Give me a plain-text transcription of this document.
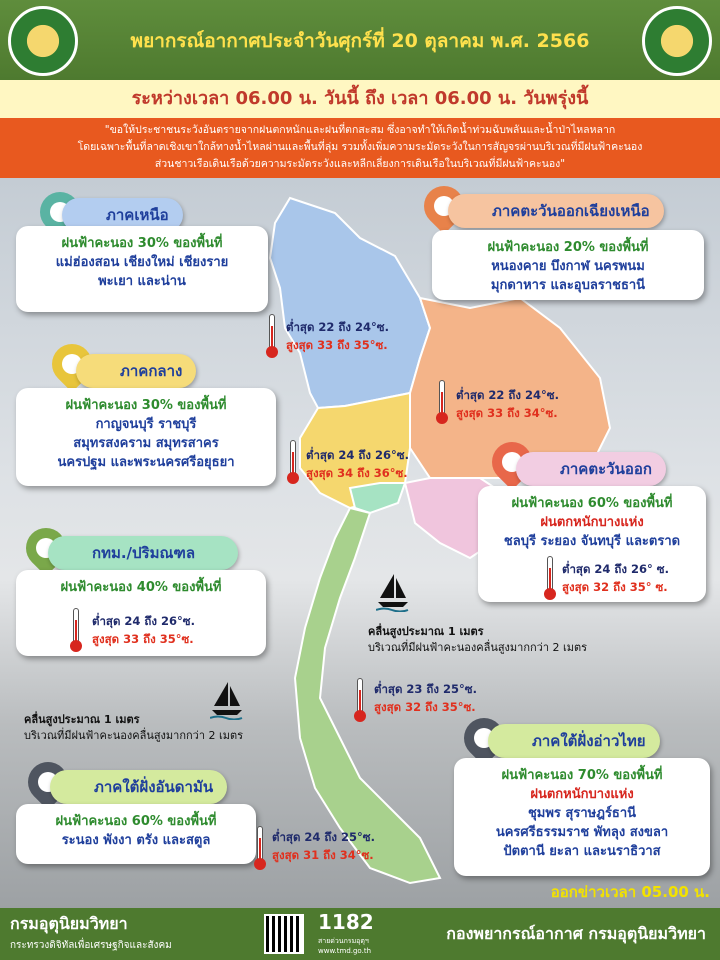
พยากรณ์อากาศประจำวันศุกร์ที่ 20 ตุลาคม พ.ศ. 2566
ระหว่างเวลา 06.00 น. วันนี้ ถึง เวลา 06.00 น. วันพรุ่งนี้
"ขอให้ประชาชนระวังอันตรายจากฝนตกหนักและฝนที่ตกสะสม ซึ่งอาจทำให้เกิดน้ำท่วมฉับพลันและน้ำป่าไหลหลาก
โดยเฉพาะพื้นที่ลาดเชิงเขาใกล้ทางน้ำไหลผ่านและพื้นที่ลุ่ม รวมทั้งเพิ่มความระมัดระวังในการสัญจรผ่านบริเวณที่มีฝนฟ้าคะนอง
ส่วนชาวเรือเดินเรือด้วยความระมัดระวังและหลีกเลี่ยงการเดินเรือในบริเวณที่มีฝนฟ้าคะนอง"
ภาคเหนือ
ฝนฟ้าคะนอง 30% ของพื้นที่
แม่ฮ่องสอน เชียงใหม่ เชียงราย
พะเยา และน่าน
ต่ำสุด 22 ถึง 24°ซ.
สูงสุด 33 ถึง 35°ซ.
ภาคตะวันออกเฉียงเหนือ
ฝนฟ้าคะนอง 20% ของพื้นที่
หนองคาย บึงกาฬ นครพนม
มุกดาหาร และอุบลราชธานี
ต่ำสุด 22 ถึง 24°ซ.
สูงสุด 33 ถึง 34°ซ.
ภาคกลาง
ฝนฟ้าคะนอง 30% ของพื้นที่
กาญจนบุรี ราชบุรี
สมุทรสงคราม สมุทรสาคร
นครปฐม และพระนครศรีอยุธยา	ต่ำสุด 24 ถึง 26°ซ.
สูงสุด 34 ถึง 36°ซ.	ภาคตะวันออก
ฝนฟ้าคะนอง 60% ของพื้นที่
ฝนตกหนักบางแห่ง
ชลบุรี ระยอง จันทบุรี และตราด
ต่ำสุด 24 ถึง 26° ซ.
สูงสุด 32 ถึง 35° ซ.
กทม./ปริมณฑล
ฝนฟ้าคะนอง 40% ของพื้นที่
ต่ำสุด 24 ถึง 26°ซ.
สูงสุด 33 ถึง 35°ซ.
คลื่นสูงประมาณ 1 เมตร
บริเวณที่มีฝนฟ้าคะนองคลื่นสูงมากกว่า 2 เมตร
ต่ำสุด 23 ถึง 25°ซ.
สูงสุด 32 ถึง 35°ซ.
คลื่นสูงประมาณ 1 เมตร
บริเวณที่มีฝนฟ้าคะนองคลื่นสูงมากกว่า 2 เมตร	ภาคใต้ฝั่งอ่าวไทย
ฝนฟ้าคะนอง 70% ของพื้นที่
ฝนตกหนักบางแห่ง
ชุมพร สุราษฎร์ธานี
นครศรีธรรมราช พัทลุง สงขลา
ปัตตานี ยะลา และนราธิวาส
ภาคใต้ฝั่งอันดามัน
ฝนฟ้าคะนอง 60% ของพื้นที่
ระนอง พังงา ตรัง และสตูล	ต่ำสุด 24 ถึง 25°ซ.
สูงสุด 31 ถึง 34°ซ.
ออกข่าวเวลา 05.00 น.
กรมอุตุนิยมวิทยา
กระทรวงดิจิทัลเพื่อเศรษฐกิจและสังคม
1182
สายด่วนกรมอุตุฯ
www.tmd.go.th
กองพยากรณ์อากาศ กรมอุตุนิยมวิทยา
